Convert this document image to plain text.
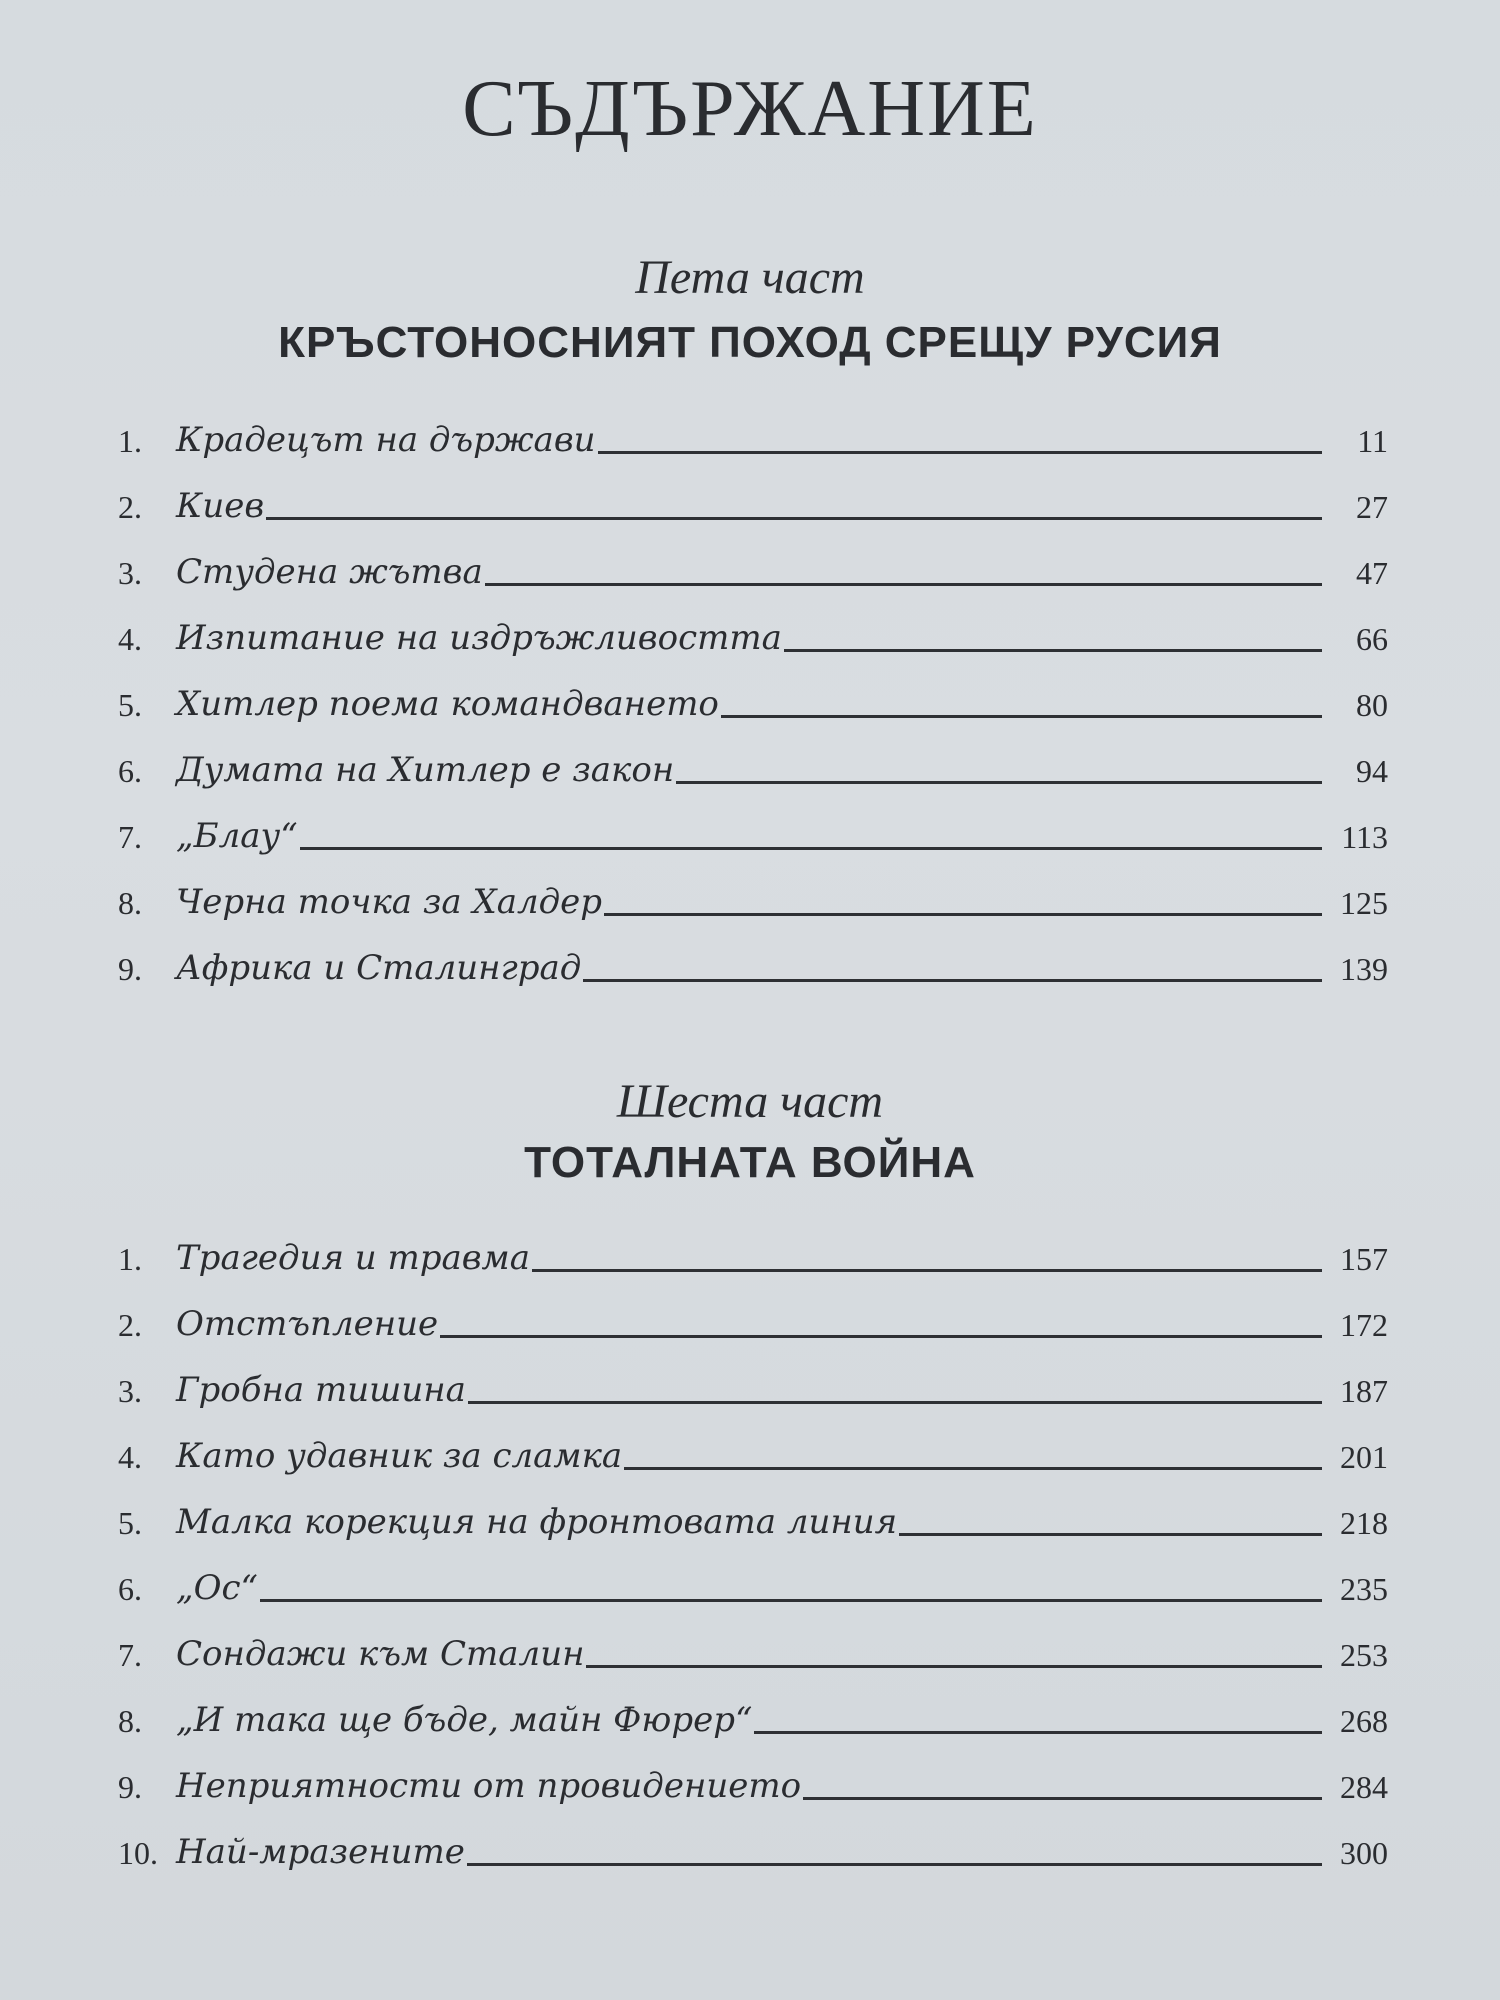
СЪДЪРЖАНИЕ
Пета част
КРЪСТОНОСНИЯТ ПОХОД СРЕЩУ РУСИЯ
1.	Крадецът на държави	11
2.	Киев	27
3.	Студена жътва	47
4.	Изпитание на издръжливостта	66
5.	Хитлер поема командването	80
6.	Думата на Хитлер е закон	94
7.	„Блау“	113
8.	Черна точка за Халдер	125
9.	Африка и Сталинград	139
Шеста част
ТОТАЛНАТА ВОЙНА
1.	Трагедия и травма	157
2.	Отстъпление	172
3.	Гробна тишина	187
4.	Като удавник за сламка	201
5.	Малка корекция на фронтовата линия	218
6.	„Ос“	235
7.	Сондажи към Сталин	253
8.	„И така ще бъде, майн Фюрер“	268
9.	Неприятности от провидението	284
10. Най-мразените	300
